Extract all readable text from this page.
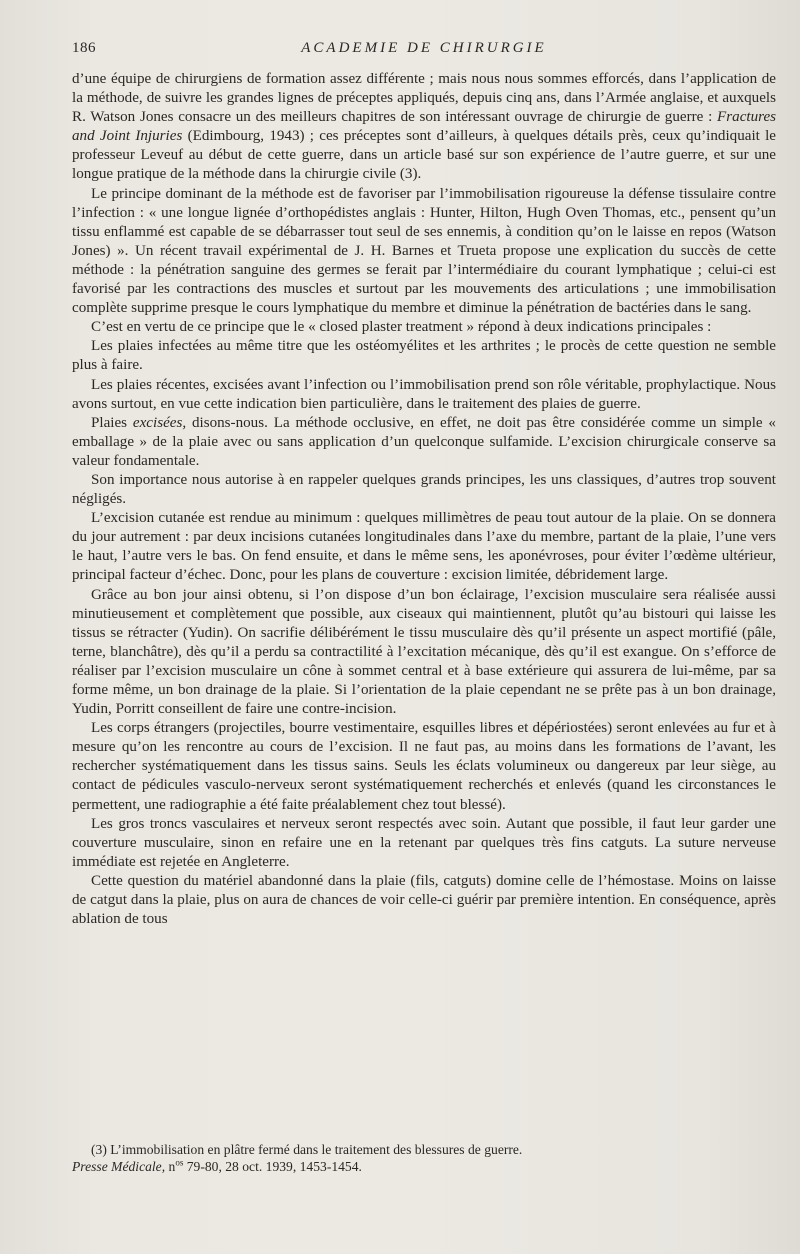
186	ACADEMIE DE CHIRURGIE

d’une équipe de chirurgiens de formation assez différente ; mais nous nous sommes efforcés, dans l’application de la méthode, de suivre les grandes lignes de préceptes appliqués, depuis cinq ans, dans l’Armée anglaise, et auxquels R. Watson Jones consacre un des meilleurs chapitres de son intéressant ouvrage de chirurgie de guerre : Fractures and Joint Injuries (Edimbourg, 1943) ; ces préceptes sont d’ailleurs, à quelques détails près, ceux qu’indiquait le professeur Leveuf au début de cette guerre, dans un article basé sur son expérience de l’autre guerre, et sur une longue pratique de la méthode dans la chirurgie civile (3).

Le principe dominant de la méthode est de favoriser par l’immobilisation rigoureuse la défense tissulaire contre l’infection : « une longue lignée d’orthopédistes anglais : Hunter, Hilton, Hugh Oven Thomas, etc., pensent qu’un tissu enflammé est capable de se débarrasser tout seul de ses ennemis, à condition qu’on le laisse en repos (Watson Jones) ». Un récent travail expérimental de J. H. Barnes et Trueta propose une explication du succès de cette méthode : la pénétration sanguine des germes se ferait par l’intermédiaire du courant lymphatique ; celui-ci est favorisé par les contractions des muscles et surtout par les mouvements des articulations ; une immobilisation complète supprime presque le cours lymphatique du membre et diminue la pénétration de bactéries dans le sang.

C’est en vertu de ce principe que le « closed plaster treatment » répond à deux indications principales :

Les plaies infectées au même titre que les ostéomyélites et les arthrites ; le procès de cette question ne semble plus à faire.

Les plaies récentes, excisées avant l’infection ou l’immobilisation prend son rôle véritable, prophylactique. Nous avons surtout, en vue cette indication bien particulière, dans le traitement des plaies de guerre.

Plaies excisées, disons-nous. La méthode occlusive, en effet, ne doit pas être considérée comme un simple « emballage » de la plaie avec ou sans application d’un quelconque sulfamide. L’excision chirurgicale conserve sa valeur fondamentale.

Son importance nous autorise à en rappeler quelques grands principes, les uns classiques, d’autres trop souvent négligés.

L’excision cutanée est rendue au minimum : quelques millimètres de peau tout autour de la plaie. On se donnera du jour autrement : par deux incisions cutanées longitudinales dans l’axe du membre, partant de la plaie, l’une vers le haut, l’autre vers le bas. On fend ensuite, et dans le même sens, les aponévroses, pour éviter l’œdème ultérieur, principal facteur d’échec. Donc, pour les plans de couverture : excision limitée, débridement large.

Grâce au bon jour ainsi obtenu, si l’on dispose d’un bon éclairage, l’excision musculaire sera réalisée aussi minutieusement et complètement que possible, aux ciseaux qui maintiennent, plutôt qu’au bistouri qui laisse les tissus se rétracter (Yudin). On sacrifie délibérément le tissu musculaire dès qu’il présente un aspect mortifié (pâle, terne, blanchâtre), dès qu’il a perdu sa contractilité à l’excitation mécanique, dès qu’il est exangue. On s’efforce de réaliser par l’excision musculaire un cône à sommet central et à base extérieure qui assurera de lui-même, par sa forme même, un bon drainage de la plaie. Si l’orientation de la plaie cependant ne se prête pas à un bon drainage, Yudin, Porritt conseillent de faire une contre-incision.

Les corps étrangers (projectiles, bourre vestimentaire, esquilles libres et dépériostées) seront enlevées au fur et à mesure qu’on les rencontre au cours de l’excision. Il ne faut pas, au moins dans les formations de l’avant, les rechercher systématiquement dans les tissus sains. Seuls les éclats volumineux ou dangereux par leur siège, au contact de pédicules vasculo-nerveux seront systématiquement recherchés et enlevés (quand les circonstances le permettent, une radiographie a été faite préalablement chez tout blessé).

Les gros troncs vasculaires et nerveux seront respectés avec soin. Autant que possible, il faut leur garder une couverture musculaire, sinon en refaire une en la retenant par quelques très fins catguts. La suture nerveuse immédiate est rejetée en Angleterre.

Cette question du matériel abandonné dans la plaie (fils, catguts) domine celle de l’hémostase. Moins on laisse de catgut dans la plaie, plus on aura de chances de voir celle-ci guérir par première intention. En conséquence, après ablation de tous

(3) L’immobilisation en plâtre fermé dans le traitement des blessures de guerre.

Presse Médicale, $n^{os}$ 79-80, 28 oct. 1939, 1453-1454.
